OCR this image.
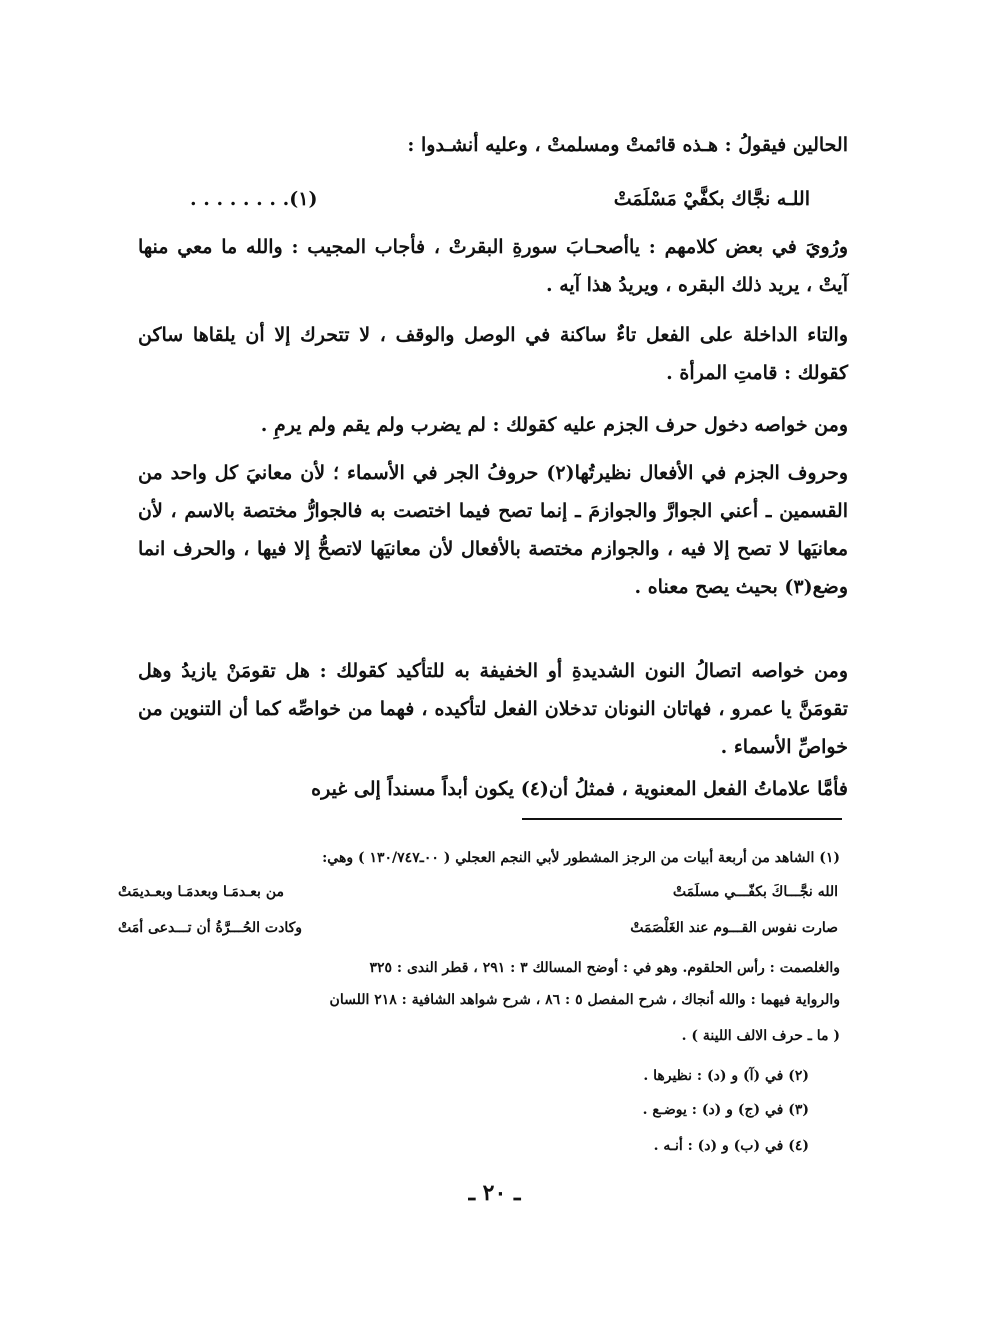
الحالين فيقولُ : هـذه قائمتْ ومسلمتْ ، وعليه أنشـدوا :

اللـه نجَّاك بكفَّيْ مَسْلَمَتْ
. . . . . . . .(١)

ورُويَ في بعض كلامهم : ياأصحـابَ سورةِ البقرتْ ، فأجاب المجيب : والله ما معي منها آيتْ ، يريد ذلك البقره ، ويريدُ هذا آيه .

والتاء الداخلة على الفعل تاءٌ ساكنة في الوصل والوقف ، لا تتحرك إلا أن يلقاها ساكن كقولك : قامتِ المرأة .

ومن خواصه دخول حرف الجزم عليه كقولك : لم يضرب ولم يقم ولم يرمِ .

وحروف الجزم في الأفعال نظيرتُها(٢) حروفُ الجر في الأسماء ؛ لأن معانيَ كل واحد من القسمين ـ أعني الجوارَّ والجوازمَ ـ إنما تصح فيما اختصت به فالجوارُّ مختصة بالاسم ، لأن معانيَها لا تصح إلا فيه ، والجوازم مختصة بالأفعال لأن معانيَها لاتصحُّ إلا فيها ، والحرف انما وضع(٣) بحيث يصح معناه .

ومن خواصه اتصالُ النون الشديدةِ أو الخفيفة به للتأكيد كقولك : هل تقومَنْ يازيدُ وهل تقومَنَّ يا عمرو ، فهاتان النونان تدخلان الفعل لتأكيده ، فهما من خواصِّه كما أن التنوين من خواصِّ الأسماء .

فأمَّا علاماتُ الفعل المعنوية ، فمثلُ أن(٤) يكون أبداً مسنداً إلى غيره

(١) الشاهد من أربعة أبيات من الرجز المشطور لأبي النجم العجلي ( ٠٠ـ١٣٠/٧٤٧ ) وهي:
الله نجَّـــاكَ بكفّـــي مسلَمَتْ
من بعـدمَـا وبعدمَـا وبعـديمَتْ
صارت نفوس القـــوم عند الغَلْصَمَتْ
وكادت الحُـــرَّةُ أن تـــدعى أمَتْ
والغلصمت : رأس الحلقوم. وهو في : أوضح المسالك ٣ : ٢٩١ ، قطر الندى : ٣٢٥
والرواية فيهما : والله أنجاك ، شرح المفصل ٥ : ٨٦ ، شرح شواهد الشافية : ٢١٨ اللسان
( ما ـ حرف الالف اللينة ) .
(٢) في (آ) و (د) : نظيرها .
(٣) في (ج) و (د) : يوضـع .
(٤) في (ب) و (د) : أنـه .
ـ ٢٠ ـ
